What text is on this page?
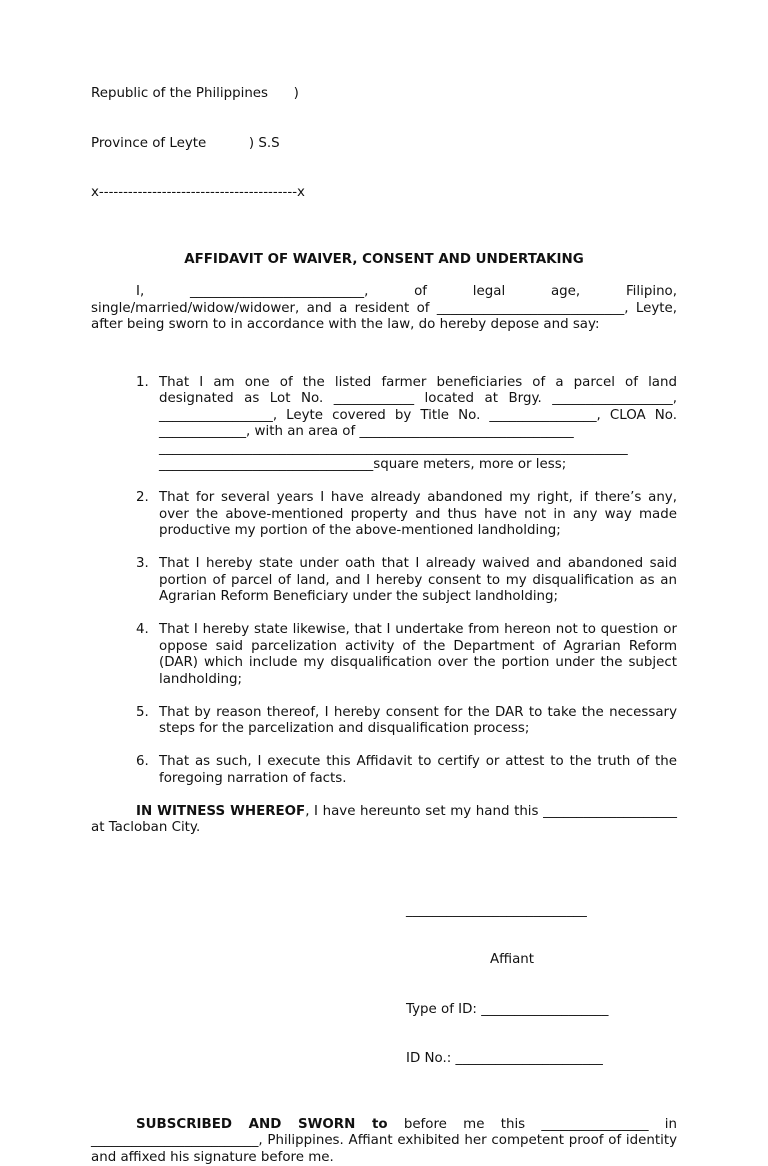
Republic of the Philippines      )

Province of Leyte          ) S.S

x-----------------------------------------x

AFFIDAVIT OF WAIVER, CONSENT AND UNDERTAKING

I, __________________________, of legal age, Filipino, single/married/widow/widower, and a resident of ____________________________, Leyte, after being sworn to in accordance with the law, do hereby depose and say:

1. That I am one of the listed farmer beneficiaries of a parcel of land designated as Lot No. ____________ located at Brgy. __________________, _________________, Leyte covered by Title No. ________________, CLOA No. _____________, with an area of ________________________________
______________________________________________________________________
________________________________square meters, more or less;
2. That for several years I have already abandoned my right, if there’s any, over the above-mentioned property and thus have not in any way made productive my portion of the above-mentioned landholding;
3. That I hereby state under oath that I already waived and abandoned said portion of parcel of land, and I hereby consent to my disqualification as an Agrarian Reform Beneficiary under the subject landholding;
4. That I hereby state likewise, that I undertake from hereon not to question or oppose said parcelization activity of the Department of Agrarian Reform (DAR) which include my disqualification over the portion under the subject landholding;
5. That by reason thereof, I hereby consent for the DAR to take the necessary steps for the parcelization and disqualification process;
6. That as such, I execute this Affidavit to certify or attest to the truth of the foregoing narration of facts.

IN WITNESS WHEREOF, I have hereunto set my hand this ____________________ at Tacloban City.

___________________________

Affiant

Type of ID: ___________________

ID No.: ______________________

SUBSCRIBED AND SWORN to before me this ________________ in _________________________, Philippines. Affiant exhibited her competent proof of identity and affixed his signature before me.
